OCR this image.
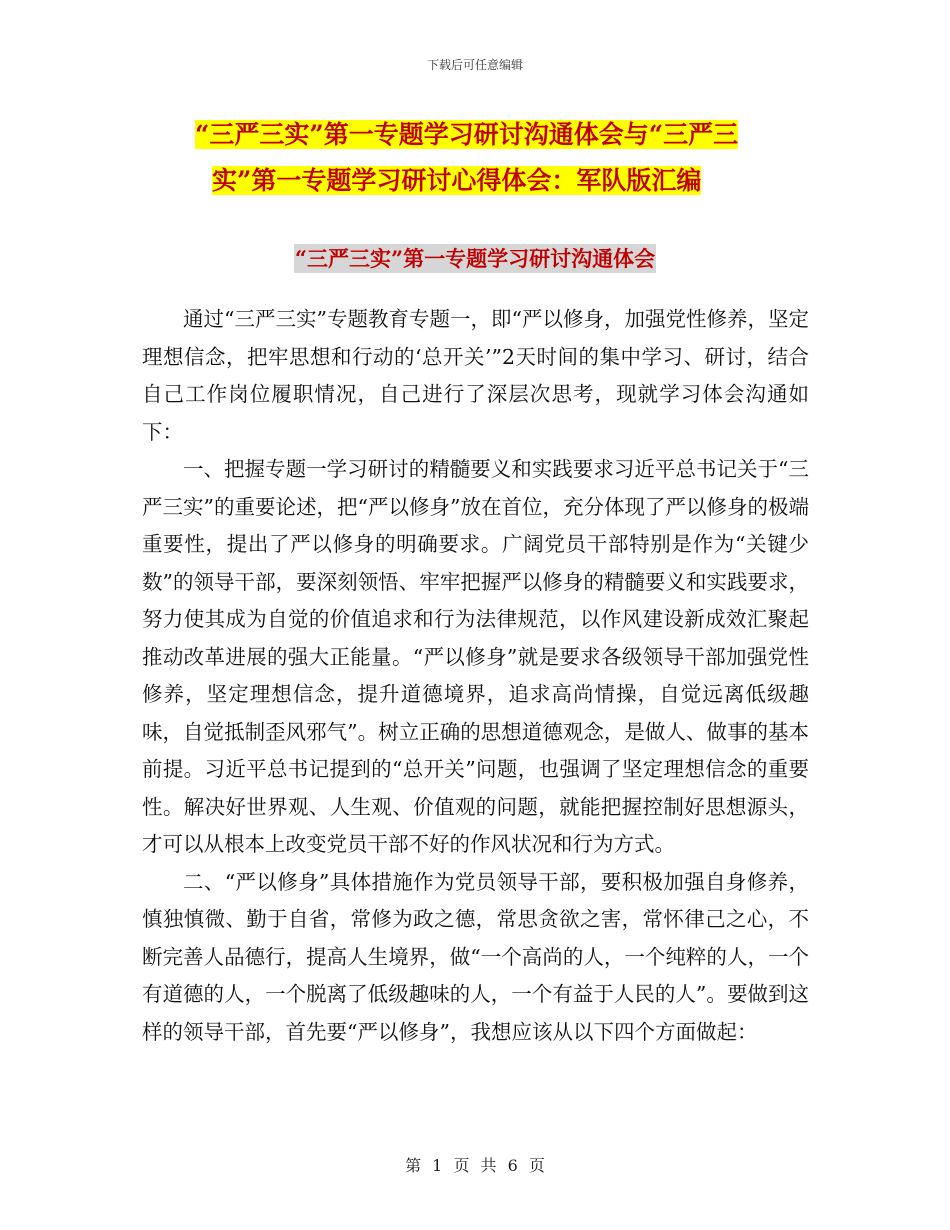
下载后可任意编辑
“三严三实”第一专题学习研讨沟通体会与“三严三
实”第一专题学习研讨心得体会：军队版汇编
“三严三实”第一专题学习研讨沟通体会

通过“三严三实”专题教育专题一，即“严以修身，加强党性修养，坚定理想信念，把牢思想和行动的‘总开关’”2天时间的集中学习、研讨，结合自己工作岗位履职情况，自己进行了深层次思考，现就学习体会沟通如下：

一、把握专题一学习研讨的精髓要义和实践要求习近平总书记关于“三严三实”的重要论述，把“严以修身”放在首位，充分体现了严以修身的极端重要性，提出了严以修身的明确要求。广阔党员干部特别是作为“关键少数”的领导干部，要深刻领悟、牢牢把握严以修身的精髓要义和实践要求，努力使其成为自觉的价值追求和行为法律规范，以作风建设新成效汇聚起推动改革进展的强大正能量。“严以修身”就是要求各级领导干部加强党性修养，坚定理想信念，提升道德境界，追求高尚情操，自觉远离低级趣味，自觉抵制歪风邪气”。树立正确的思想道德观念，是做人、做事的基本前提。习近平总书记提到的“总开关”问题，也强调了坚定理想信念的重要性。解决好世界观、人生观、价值观的问题，就能把握控制好思想源头，才可以从根本上改变党员干部不好的作风状况和行为方式。

二、“严以修身”具体措施作为党员领导干部，要积极加强自身修养，慎独慎微、勤于自省，常修为政之德，常思贪欲之害，常怀律己之心，不断完善人品德行，提高人生境界，做“一个高尚的人，一个纯粹的人，一个有道德的人，一个脱离了低级趣味的人，一个有益于人民的人”。要做到这样的领导干部，首先要“严以修身”，我想应该从以下四个方面做起：

第 1 页 共 6 页
